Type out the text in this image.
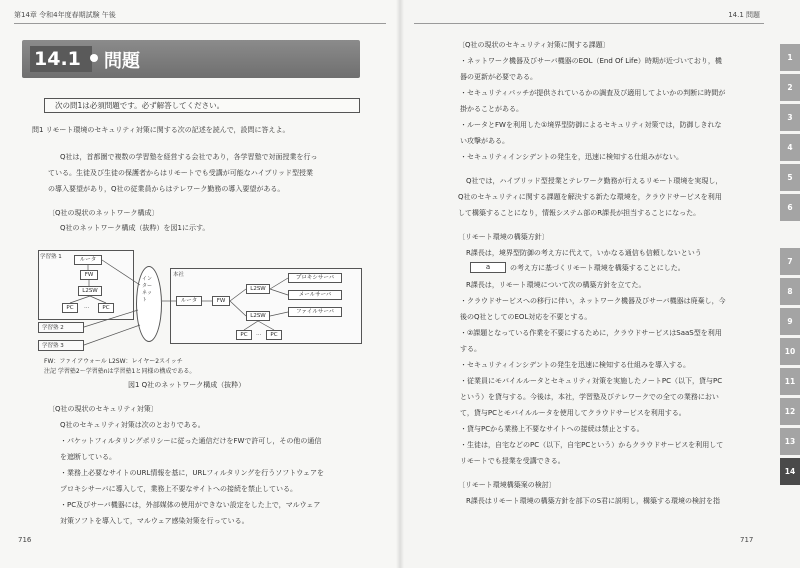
第14章 令和4年度春期試験 午後	14.1 問題
14.1	問題
次の問1は必須問題です。必ず解答してください。
問1 リモート環境のセキュリティ対策に関する次の記述を読んで，設問に答えよ。
Q社は，首都圏で複数の学習塾を経営する会社であり，各学習塾で対面授業を行っ
ている。生徒及び生徒の保護者からはリモートでも受講が可能なハイブリッド型授業
の導入要望があり，Q社の従業員からはテレワーク勤務の導入要望がある。
〔Q社の現状のネットワーク構成〕
Q社のネットワーク構成（抜粋）を図1に示す。
学習塾 1	ルータ
FW
L2SW
PC	…	PC
学習塾 2
学習塾 3
インターネット
本社
ルータ	FW
L2SW
L2SW
プロキシサーバ
メールサーバ
ファイルサーバ
PC	…	PC
FW：ファイアウォール L2SW：レイヤー2スイッチ
注記 学習塾2～学習塾nは学習塾1と同様の構成である。
図1 Q社のネットワーク構成（抜粋）
〔Q社の現状のセキュリティ対策〕
Q社のセキュリティ対策は次のとおりである。
・パケットフィルタリングポリシーに従った通信だけをFWで許可し，その他の通信
を遮断している。
・業務上必要なサイトのURL情報を基に，URLフィルタリングを行うソフトウェアを
プロキシサーバに導入して，業務上不要なサイトへの接続を禁止している。
・PC及びサーバ機器には，外部媒体の使用ができない設定をした上で，マルウェア
対策ソフトを導入して，マルウェア感染対策を行っている。
〔Q社の現状のセキュリティ対策に関する課題〕
・ネットワーク機器及びサーバ機器のEOL（End Of Life）時期が近づいており，機
器の更新が必要である。
・セキュリティパッチが提供されているかの調査及び適用してよいかの判断に時間が
掛かることがある。
・ルータとFWを利用した①境界型防御によるセキュリティ対策では，防御しきれな
い攻撃がある。
・セキュリティインシデントの発生を，迅速に検知する仕組みがない。
Q社では，ハイブリッド型授業とテレワーク勤務が行えるリモート環境を実現し，
Q社のセキュリティに関する課題を解決する新たな環境を，クラウドサービスを利用
して構築することになり，情報システム部のR課長が担当することになった。
〔リモート環境の構築方針〕
R課長は，境界型防御の考え方に代えて，いかなる通信も信頼しないという
a	の考え方に基づくリモート環境を構築することにした。
R課長は，リモート環境について次の構築方針を立てた。
・クラウドサービスへの移行に伴い，ネットワーク機器及びサーバ機器は廃棄し，今
後のQ社としてのEOL対応を不要とする。
・②課題となっている作業を不要にするために，クラウドサービスはSaaS型を利用
する。
・セキュリティインシデントの発生を迅速に検知する仕組みを導入する。
・従業員にモバイルルータとセキュリティ対策を実施したノートPC（以下，貸与PC
という）を貸与する。今後は，本社，学習塾及びテレワークでの全ての業務におい
て，貸与PCとモバイルルータを使用してクラウドサービスを利用する。
・貸与PCから業務上不要なサイトへの接続は禁止とする。
・生徒は，自宅などのPC（以下，自宅PCという）からクラウドサービスを利用して
リモートでも授業を受講できる。
〔リモート環境構築案の検討〕
R課長はリモート環境の構築方針を部下のS君に説明し，構築する環境の検討を指
1
2
3
4
5
6
7
8
9
10
11
12
13
14
716	717
